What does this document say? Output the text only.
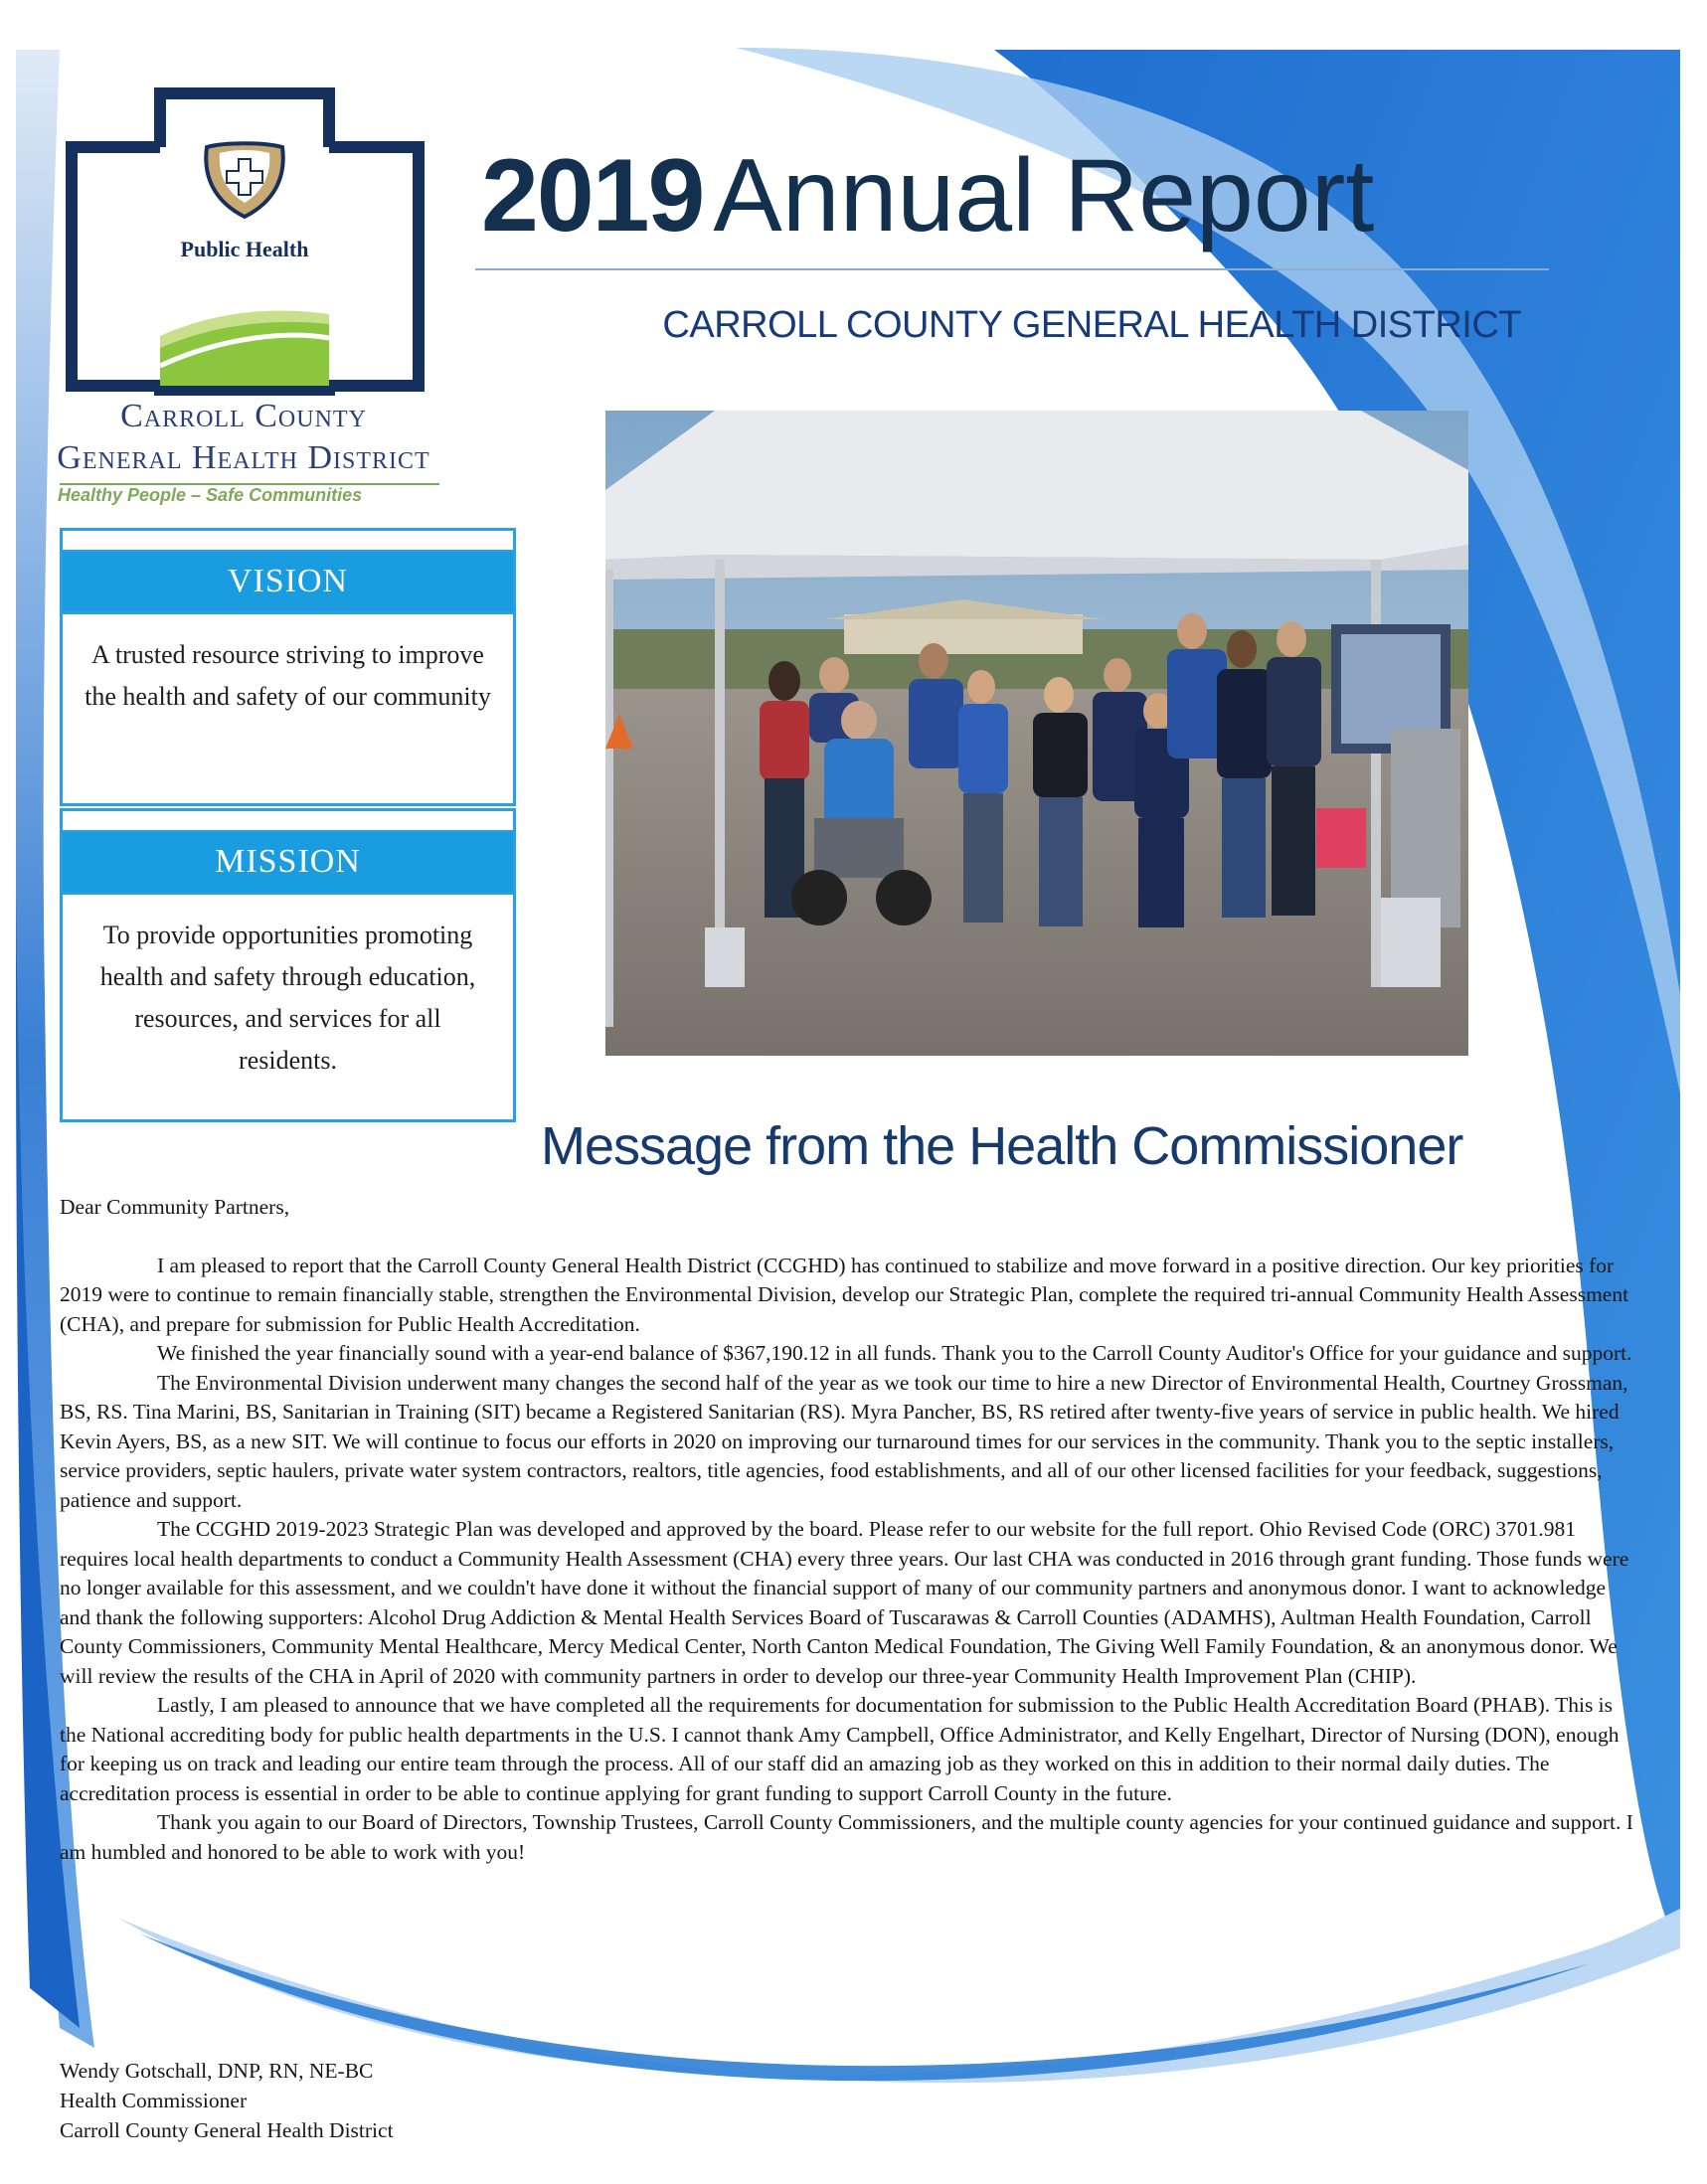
Public Health
Carroll County
General Health District
Healthy People – Safe Communities
2019Annual Report
CARROLL COUNTY GENERAL HEALTH DISTRICT
VISION
A trusted resource striving to improve the health and safety of our community
MISSION
To provide opportunities promoting health and safety through education, resources, and services for all residents.
Message from the Health Commissioner
Dear Community Partners,

I am pleased to report that the Carroll County General Health District (CCGHD) has continued to stabilize and move forward in a positive direction. Our key priorities for 2019 were to continue to remain financially stable, strengthen the Environmental Division, develop our Strategic Plan, complete the required tri-annual Community Health Assessment (CHA), and prepare for submission for Public Health Accreditation.

We finished the year financially sound with a year-end balance of $367,190.12 in all funds. Thank you to the Carroll County Auditor's Office for your guidance and support.

The Environmental Division underwent many changes the second half of the year as we took our time to hire a new Director of Environmental Health, Courtney Grossman, BS, RS. Tina Marini, BS, Sanitarian in Training (SIT) became a Registered Sanitarian (RS). Myra Pancher, BS, RS retired after twenty-five years of service in public health. We hired Kevin Ayers, BS, as a new SIT. We will continue to focus our efforts in 2020 on improving our turnaround times for our services in the community. Thank you to the septic installers, service providers, septic haulers, private water system contractors, realtors, title agencies, food establishments, and all of our other licensed facilities for your feedback, suggestions, patience and support.

The CCGHD 2019-2023 Strategic Plan was developed and approved by the board. Please refer to our website for the full report. Ohio Revised Code (ORC) 3701.981 requires local health departments to conduct a Community Health Assessment (CHA) every three years. Our last CHA was conducted in 2016 through grant funding. Those funds were no longer available for this assessment, and we couldn't have done it without the financial support of many of our community partners and anonymous donor. I want to acknowledge and thank the following supporters: Alcohol Drug Addiction & Mental Health Services Board of Tuscarawas & Carroll Counties (ADAMHS), Aultman Health Foundation, Carroll County Commissioners, Community Mental Healthcare, Mercy Medical Center, North Canton Medical Foundation, The Giving Well Family Foundation, & an anonymous donor. We will review the results of the CHA in April of 2020 with community partners in order to develop our three-year Community Health Improvement Plan (CHIP).

Lastly, I am pleased to announce that we have completed all the requirements for documentation for submission to the Public Health Accreditation Board (PHAB). This is the National accrediting body for public health departments in the U.S. I cannot thank Amy Campbell, Office Administrator, and Kelly Engelhart, Director of Nursing (DON), enough for keeping us on track and leading our entire team through the process. All of our staff did an amazing job as they worked on this in addition to their normal daily duties. The accreditation process is essential in order to be able to continue applying for grant funding to support Carroll County in the future.

Thank you again to our Board of Directors, Township Trustees, Carroll County Commissioners, and the multiple county agencies for your continued guidance and support. I am humbled and honored to be able to work with you!

Wendy Gotschall, DNP, RN, NE-BC
Health Commissioner
Carroll County General Health District
